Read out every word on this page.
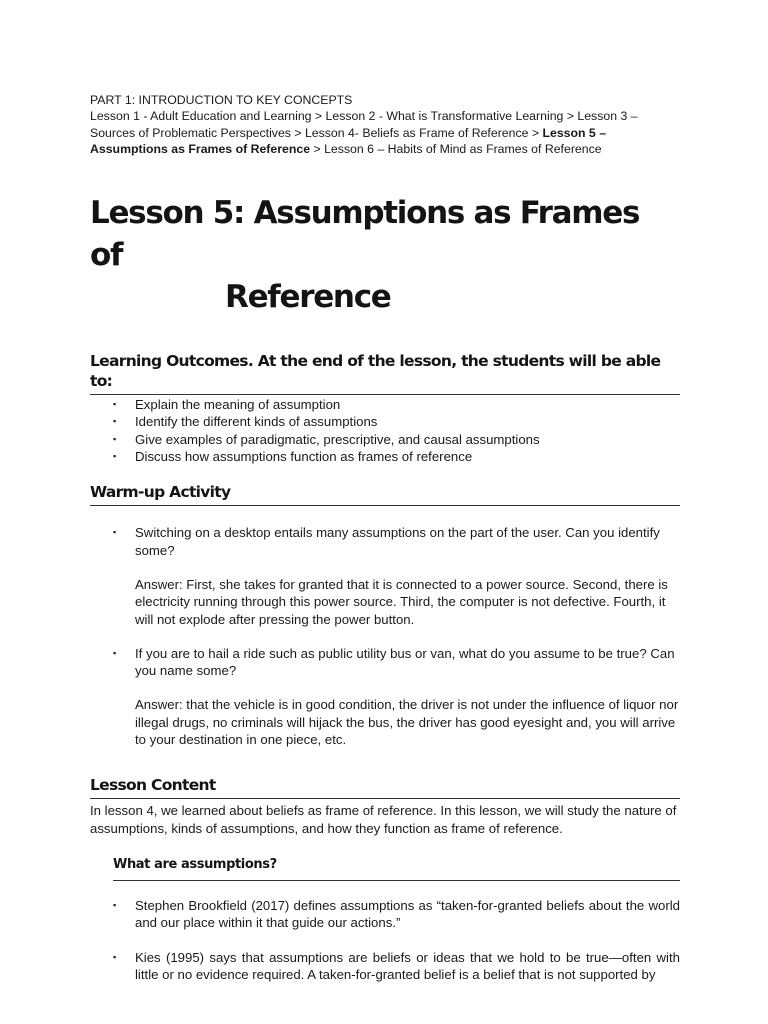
PART 1: INTRODUCTION TO KEY CONCEPTS
Lesson 1 - Adult Education and Learning > Lesson 2 - What is Transformative Learning > Lesson 3 – Sources of Problematic Perspectives > Lesson 4- Beliefs as Frame of Reference > Lesson 5 – Assumptions as Frames of Reference > Lesson 6 – Habits of Mind as Frames of Reference

Lesson 5: Assumptions as Frames of
Reference
Learning Outcomes. At the end of the lesson, the students will be able to:
▪ Explain the meaning of assumption
▪ Identify the different kinds of assumptions
▪ Give examples of paradigmatic, prescriptive, and causal assumptions
▪ Discuss how assumptions function as frames of reference
Warm-up Activity
▪ Switching on a desktop entails many assumptions on the part of the user. Can you identify some?

Answer: First, she takes for granted that it is connected to a power source. Second, there is electricity running through this power source. Third, the computer is not defective. Fourth, it will not explode after pressing the power button.

▪ If you are to hail a ride such as public utility bus or van, what do you assume to be true? Can you name some?

Answer: that the vehicle is in good condition, the driver is not under the influence of liquor nor illegal drugs, no criminals will hijack the bus, the driver has good eyesight and, you will arrive to your destination in one piece, etc.

Lesson Content

In lesson 4, we learned about beliefs as frame of reference. In this lesson, we will study the nature of assumptions, kinds of assumptions, and how they function as frame of reference.

What are assumptions?
▪ Stephen Brookfield (2017) defines assumptions as “taken-for-granted beliefs about the world and our place within it that guide our actions.”

▪ Kies (1995) says that assumptions are beliefs or ideas that we hold to be true—often with little or no evidence required. A taken-for-granted belief is a belief that is not supported by
